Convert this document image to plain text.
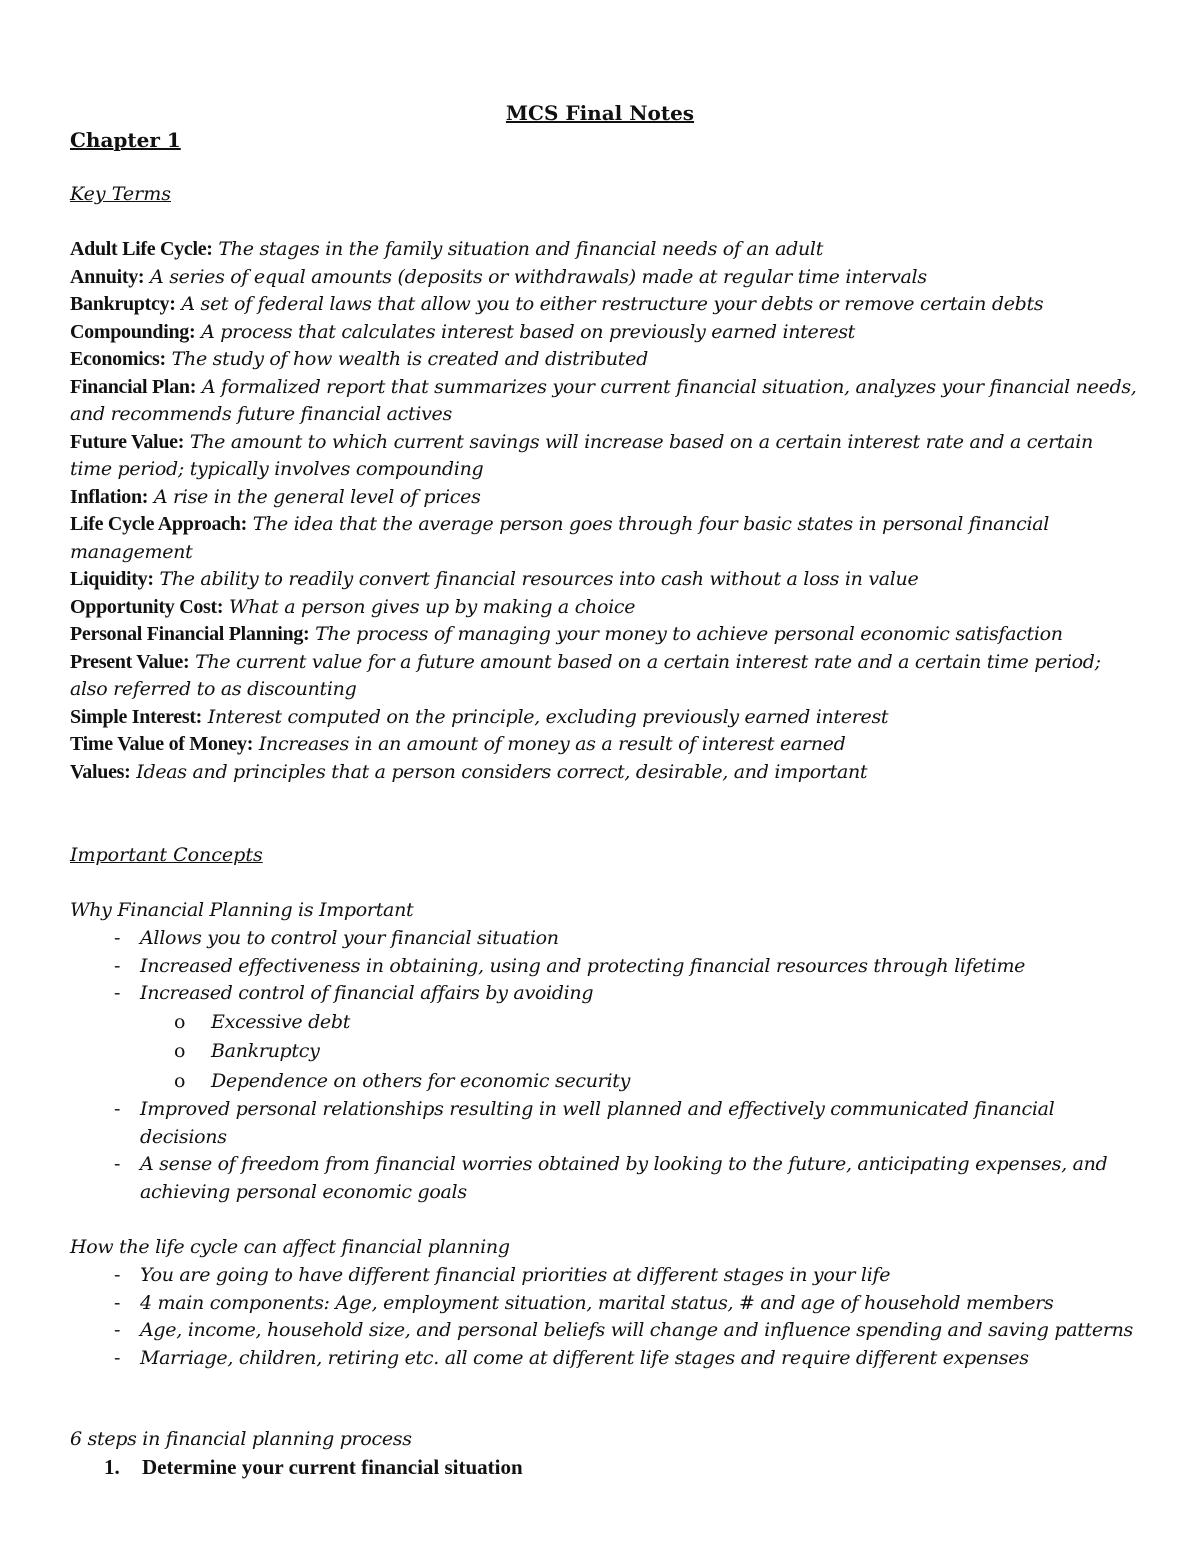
MCS Final Notes
Chapter 1
Key Terms
Adult Life Cycle: The stages in the family situation and financial needs of an adult
Annuity: A series of equal amounts (deposits or withdrawals) made at regular time intervals
Bankruptcy: A set of federal laws that allow you to either restructure your debts or remove certain debts
Compounding: A process that calculates interest based on previously earned interest
Economics: The study of how wealth is created and distributed
Financial Plan: A formalized report that summarizes your current financial situation, analyzes your financial needs, and recommends future financial actives
Future Value: The amount to which current savings will increase based on a certain interest rate and a certain time period; typically involves compounding
Inflation: A rise in the general level of prices
Life Cycle Approach: The idea that the average person goes through four basic states in personal financial management
Liquidity: The ability to readily convert financial resources into cash without a loss in value
Opportunity Cost: What a person gives up by making a choice
Personal Financial Planning: The process of managing your money to achieve personal economic satisfaction
Present Value: The current value for a future amount based on a certain interest rate and a certain time period; also referred to as discounting
Simple Interest: Interest computed on the principle, excluding previously earned interest
Time Value of Money: Increases in an amount of money as a result of interest earned
Values: Ideas and principles that a person considers correct, desirable, and important
Important Concepts
Why Financial Planning is Important
- Allows you to control your financial situation
- Increased effectiveness in obtaining, using and protecting financial resources through lifetime
- Increased control of financial affairs by avoiding
o Excessive debt
o Bankruptcy
o Dependence on others for economic security
- Improved personal relationships resulting in well planned and effectively communicated financial decisions
- A sense of freedom from financial worries obtained by looking to the future, anticipating expenses, and achieving personal economic goals
How the life cycle can affect financial planning
- You are going to have different financial priorities at different stages in your life
- 4 main components: Age, employment situation, marital status, # and age of household members
- Age, income, household size, and personal beliefs will change and influence spending and saving patterns
- Marriage, children, retiring etc. all come at different life stages and require different expenses
6 steps in financial planning process
1. Determine your current financial situation
